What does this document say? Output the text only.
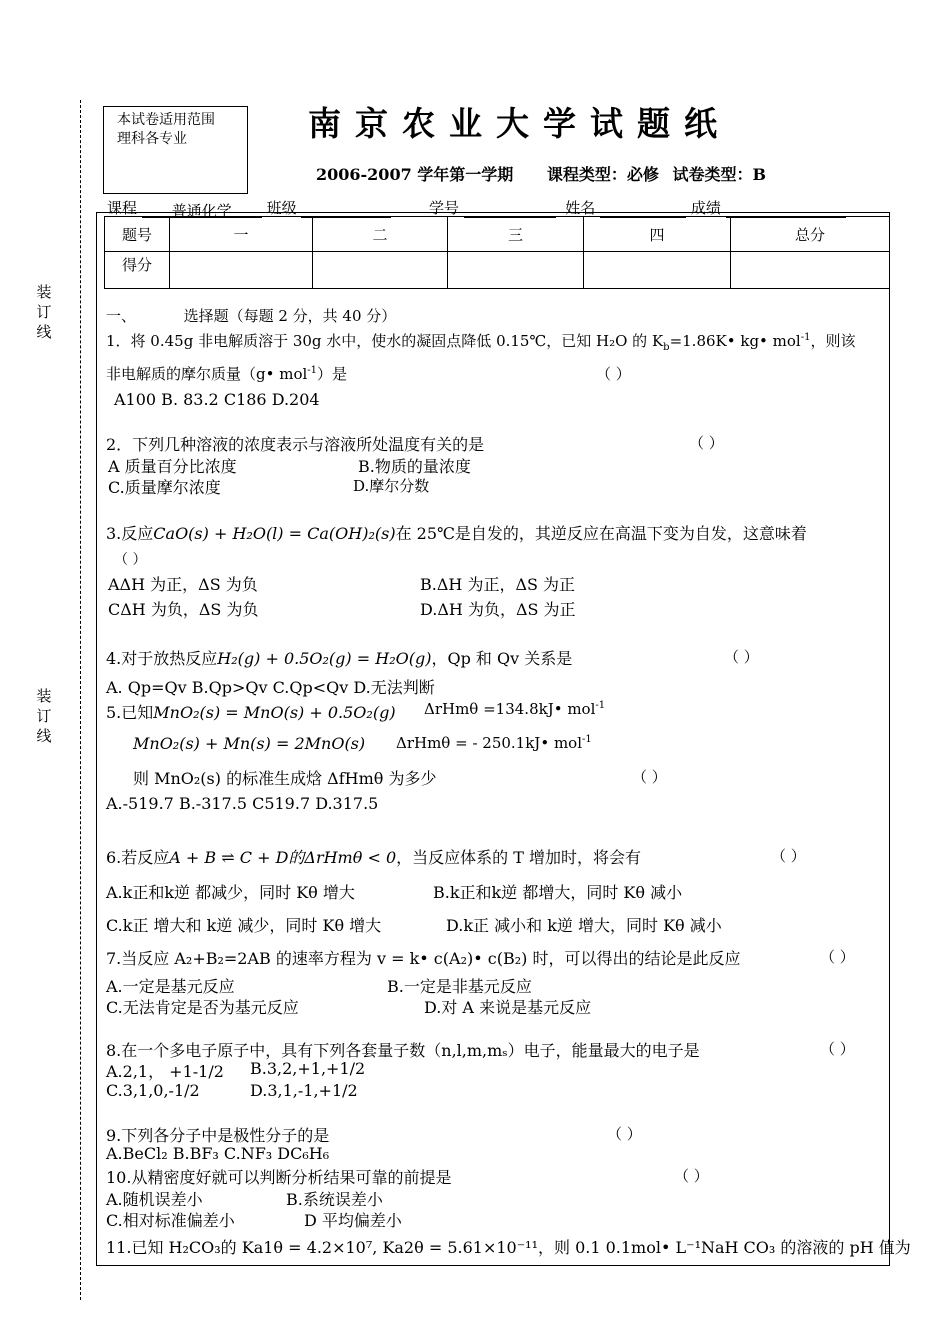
装订线
装订线
本试卷适用范围
理科各专业	南京农业大学试题纸
2006-2007 学年第一学期 课程类型：必修 试卷类型：B
课程 普通化学 班级	学号	姓名	成绩
题号	一	二	三	四	总分
得分					
一、	选择题（每题 2 分，共 40 分）
1．将 0.45g 非电解质溶于 30g 水中，使水的凝固点降低 0.15℃，已知 H₂O 的 $K_b=1.86K•$ kg• mol$^{-1}$，则该
非电解质的摩尔质量（g• mol$^{-1}$）是	（ ）
A100 B. 83.2 C186 D.204
2．下列几种溶液的浓度表示与溶液所处温度有关的是	（ ）
A 质量百分比浓度	B.物质的量浓度
C.质量摩尔浓度	D.摩尔分数
3.反应CaO(s) + H₂O(l) = Ca(OH)₂(s)在 25℃是自发的，其逆反应在高温下变为自发，这意味着
（ ）
AΔH 为正，ΔS 为负	B.ΔH 为正，ΔS 为正
CΔH 为负，ΔS 为负	D.ΔH 为负，ΔS 为正
4.对于放热反应H₂(g) + 0.5O₂(g) = H₂O(g)，Qp 和 Qv 关系是	（ ）
A. Qp=Qv B.Qp>Qv C.Qp<Qv D.无法判断
5.已知MnO₂(s) = MnO(s) + 0.5O₂(g) ΔrHmθ =134.8kJ• mol$^{-1}$
MnO₂(s) + Mn(s) = 2MnO(s) ΔrHmθ = - 250.1kJ• mol$^{-1}$
则 MnO₂(s) 的标准生成焓 ΔfHmθ 为多少	（ ）
A.-519.7 B.-317.5 C519.7 D.317.5
6.若反应A + B ⇌ C + D的ΔrHmθ < 0，当反应体系的 T 增加时，将会有	（ ）
A.k正和k逆 都减少，同时 Kθ 增大	B.k正和k逆 都增大，同时 Kθ 减小
C.k正 增大和 k逆 减少，同时 Kθ 增大	D.k正 减小和 k逆 增大，同时 Kθ 减小
7.当反应 A₂+B₂=2AB 的速率方程为 v = k• c(A₂)• c(B₂) 时，可以得出的结论是此反应	（ ）
A.一定是基元反应	B.一定是非基元反应
C.无法肯定是否为基元反应	D.对 A 来说是基元反应
8.在一个多电子原子中，具有下列各套量子数（n,l,m,mₛ）电子，能量最大的电子是	（ ）
A.2,1， +1-1/2 B.3,2,+1,+1/2
C.3,1,0,-1/2	D.3,1,-1,+1/2
9.下列各分子中是极性分子的是	（ ）
A.BeCl₂ B.BF₃ C.NF₃ DC₆H₆
10.从精密度好就可以判断分析结果可靠的前提是	（ ）
A.随机误差小	B.系统误差小
C.相对标准偏差小	D 平均偏差小
11.已知 H₂CO₃的 Ka1θ = 4.2×10⁷, Ka2θ = 5.61×10⁻¹¹，则 0.1 0.1mol• L⁻¹NaH CO₃ 的溶液的 pH 值为
